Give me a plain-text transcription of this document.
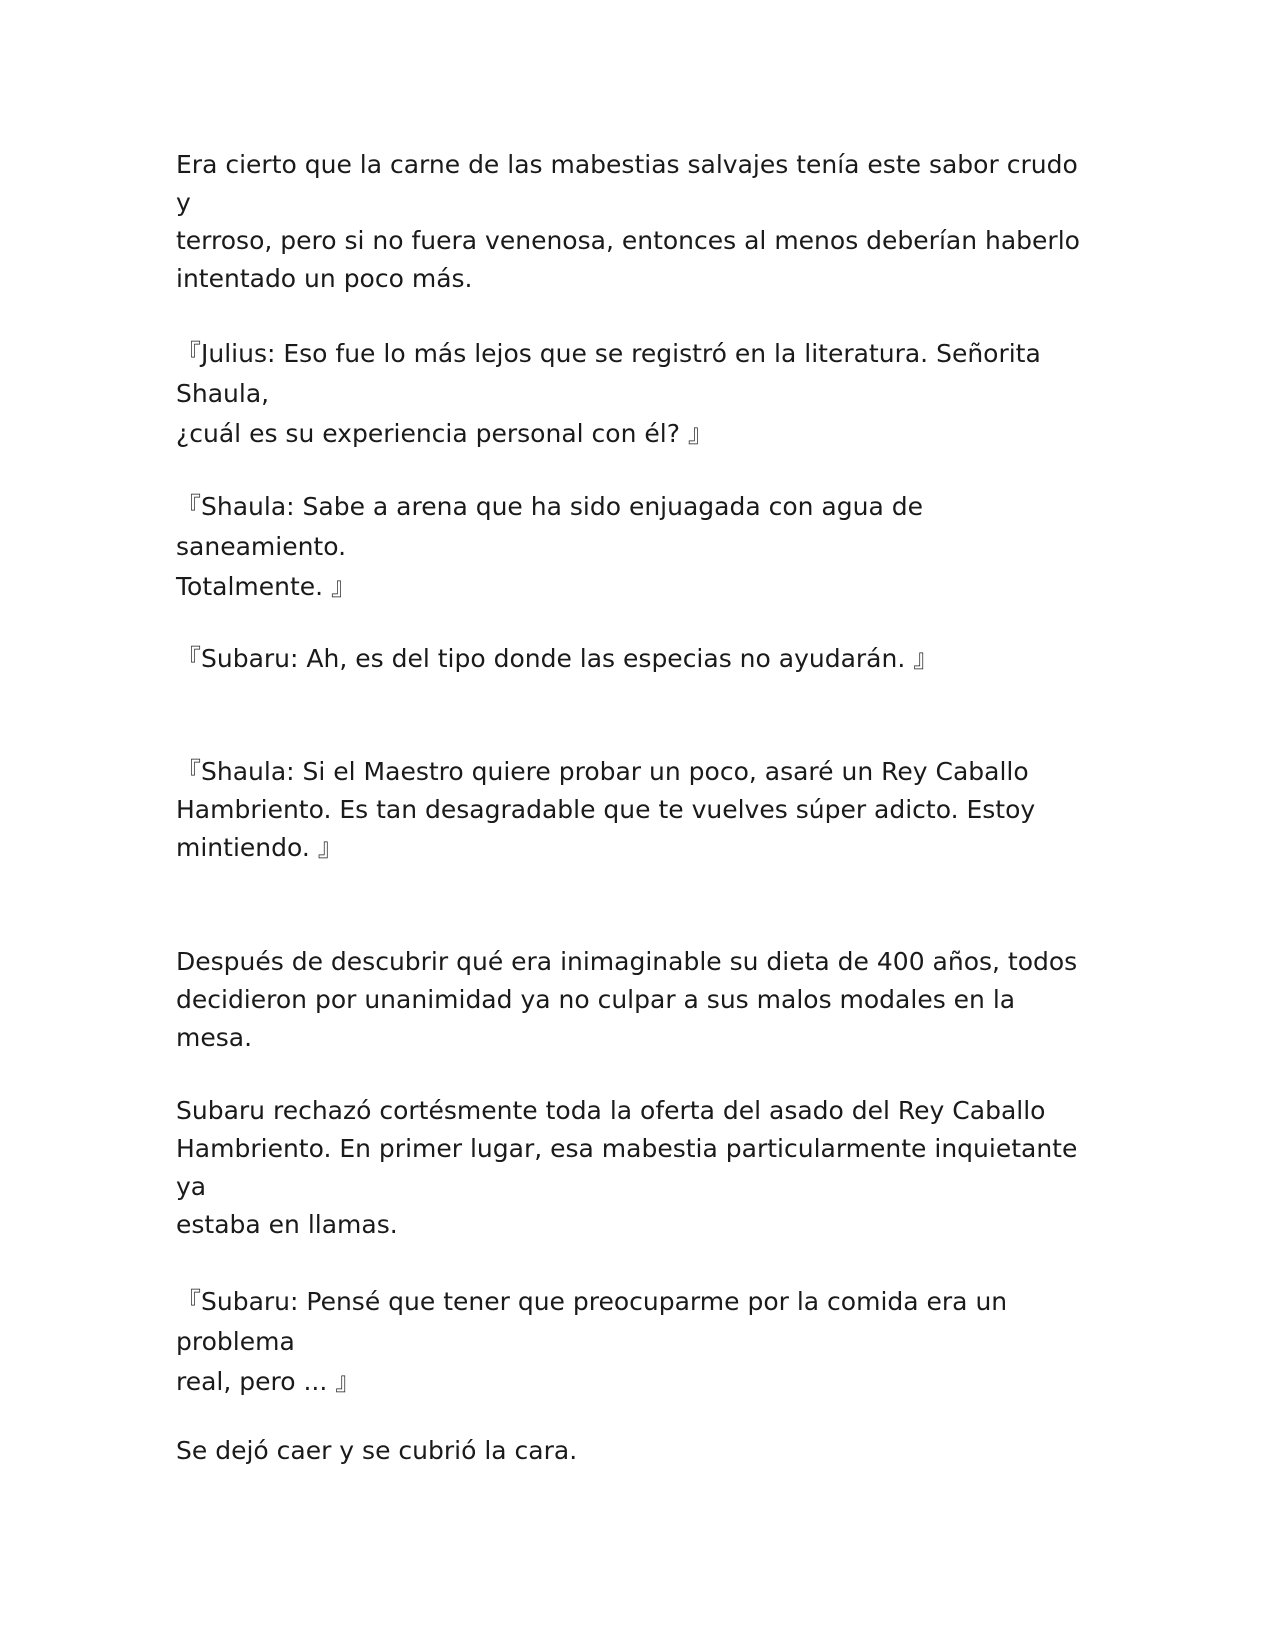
Era cierto que la carne de las mabestias salvajes tenía este sabor crudo y
terroso, pero si no fuera venenosa, entonces al menos deberían haberlo
intentado un poco más.

『Julius: Eso fue lo más lejos que se registró en la literatura. Señorita Shaula,
¿cuál es su experiencia personal con él? 』

『Shaula: Sabe a arena que ha sido enjuagada con agua de saneamiento.
Totalmente. 』

『Subaru: Ah, es del tipo donde las especias no ayudarán. 』

『Shaula: Si el Maestro quiere probar un poco, asaré un Rey Caballo
Hambriento. Es tan desagradable que te vuelves súper adicto. Estoy
mintiendo. 』

Después de descubrir qué era inimaginable su dieta de 400 años, todos
decidieron por unanimidad ya no culpar a sus malos modales en la mesa.

Subaru rechazó cortésmente toda la oferta del asado del Rey Caballo
Hambriento. En primer lugar, esa mabestia particularmente inquietante ya
estaba en llamas.

『Subaru: Pensé que tener que preocuparme por la comida era un problema
real, pero ... 』

Se dejó caer y se cubrió la cara.
